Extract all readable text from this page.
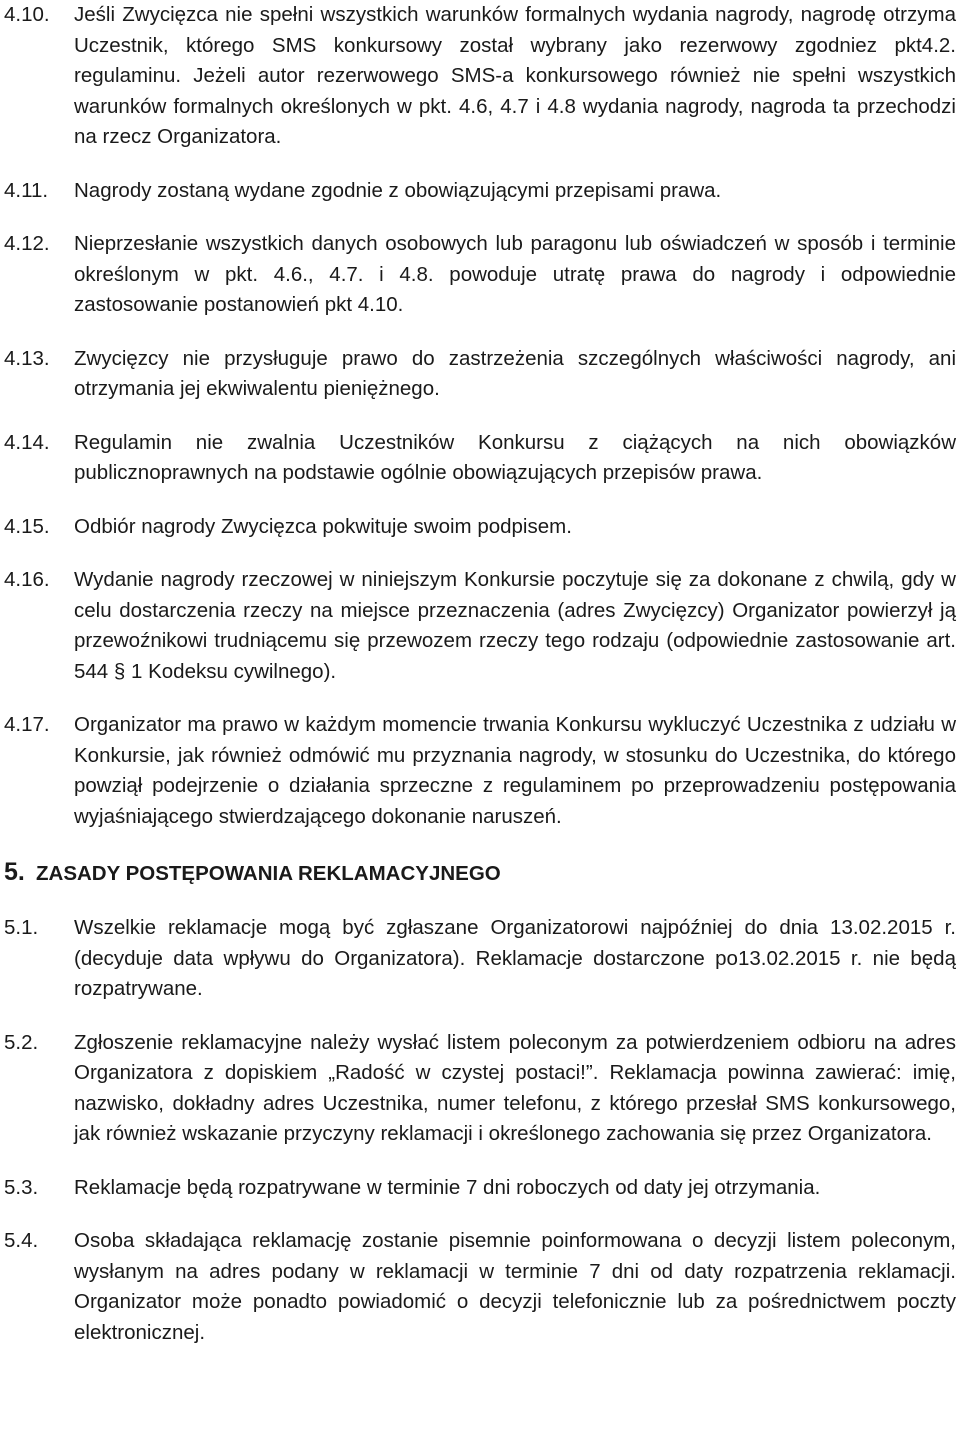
4.10.	Jeśli Zwycięzca nie spełni wszystkich warunków formalnych wydania nagrody, nagrodę otrzyma Uczestnik, którego SMS konkursowy został wybrany jako rezerwowy zgodniez pkt4.2. regulaminu. Jeżeli autor rezerwowego SMS-a konkursowego również nie spełni wszystkich warunków formalnych określonych w pkt. 4.6, 4.7 i 4.8 wydania nagrody, nagroda ta przechodzi na rzecz Organizatora.
4.11.	Nagrody zostaną wydane zgodnie z obowiązującymi przepisami prawa.
4.12.	Nieprzesłanie wszystkich danych osobowych lub paragonu lub oświadczeń w sposób i terminie określonym w pkt. 4.6., 4.7. i 4.8. powoduje utratę prawa do nagrody i odpowiednie zastosowanie postanowień pkt 4.10.
4.13.	Zwycięzcy nie przysługuje prawo do zastrzeżenia szczególnych właściwości nagrody, ani otrzymania jej ekwiwalentu pieniężnego.
4.14.	Regulamin nie zwalnia Uczestników Konkursu z ciążących na nich obowiązków publicznoprawnych na podstawie ogólnie obowiązujących przepisów prawa.
4.15.	Odbiór nagrody Zwycięzca pokwituje swoim podpisem.
4.16.	Wydanie nagrody rzeczowej w niniejszym Konkursie poczytuje się za dokonane z chwilą, gdy w celu dostarczenia rzeczy na miejsce przeznaczenia (adres Zwycięzcy) Organizator powierzył ją przewoźnikowi trudniącemu się przewozem rzeczy tego rodzaju (odpowiednie zastosowanie art. 544 § 1 Kodeksu cywilnego).
4.17.	Organizator ma prawo w każdym momencie trwania Konkursu wykluczyć Uczestnika z udziału w Konkursie, jak również odmówić mu przyznania nagrody, w stosunku do Uczestnika, do którego powziął podejrzenie o działania sprzeczne z regulaminem po przeprowadzeniu postępowania wyjaśniającego stwierdzającego dokonanie naruszeń.
5. ZASADY POSTĘPOWANIA REKLAMACYJNEGO
5.1.	Wszelkie reklamacje mogą być zgłaszane Organizatorowi najpóźniej do dnia 13.02.2015 r. (decyduje data wpływu do Organizatora). Reklamacje dostarczone po13.02.2015 r. nie będą rozpatrywane.
5.2.	Zgłoszenie reklamacyjne należy wysłać listem poleconym za potwierdzeniem odbioru na adres Organizatora z dopiskiem „Radość w czystej postaci!”. Reklamacja powinna zawierać: imię, nazwisko, dokładny adres Uczestnika, numer telefonu, z którego przesłał SMS konkursowego, jak również wskazanie przyczyny reklamacji i określonego zachowania się przez Organizatora.
5.3.	Reklamacje będą rozpatrywane w terminie 7 dni roboczych od daty jej otrzymania.
5.4.	Osoba składająca reklamację zostanie pisemnie poinformowana o decyzji listem poleconym, wysłanym na adres podany w reklamacji w terminie 7 dni od daty rozpatrzenia reklamacji. Organizator może ponadto powiadomić o decyzji telefonicznie lub za pośrednictwem poczty elektronicznej.
